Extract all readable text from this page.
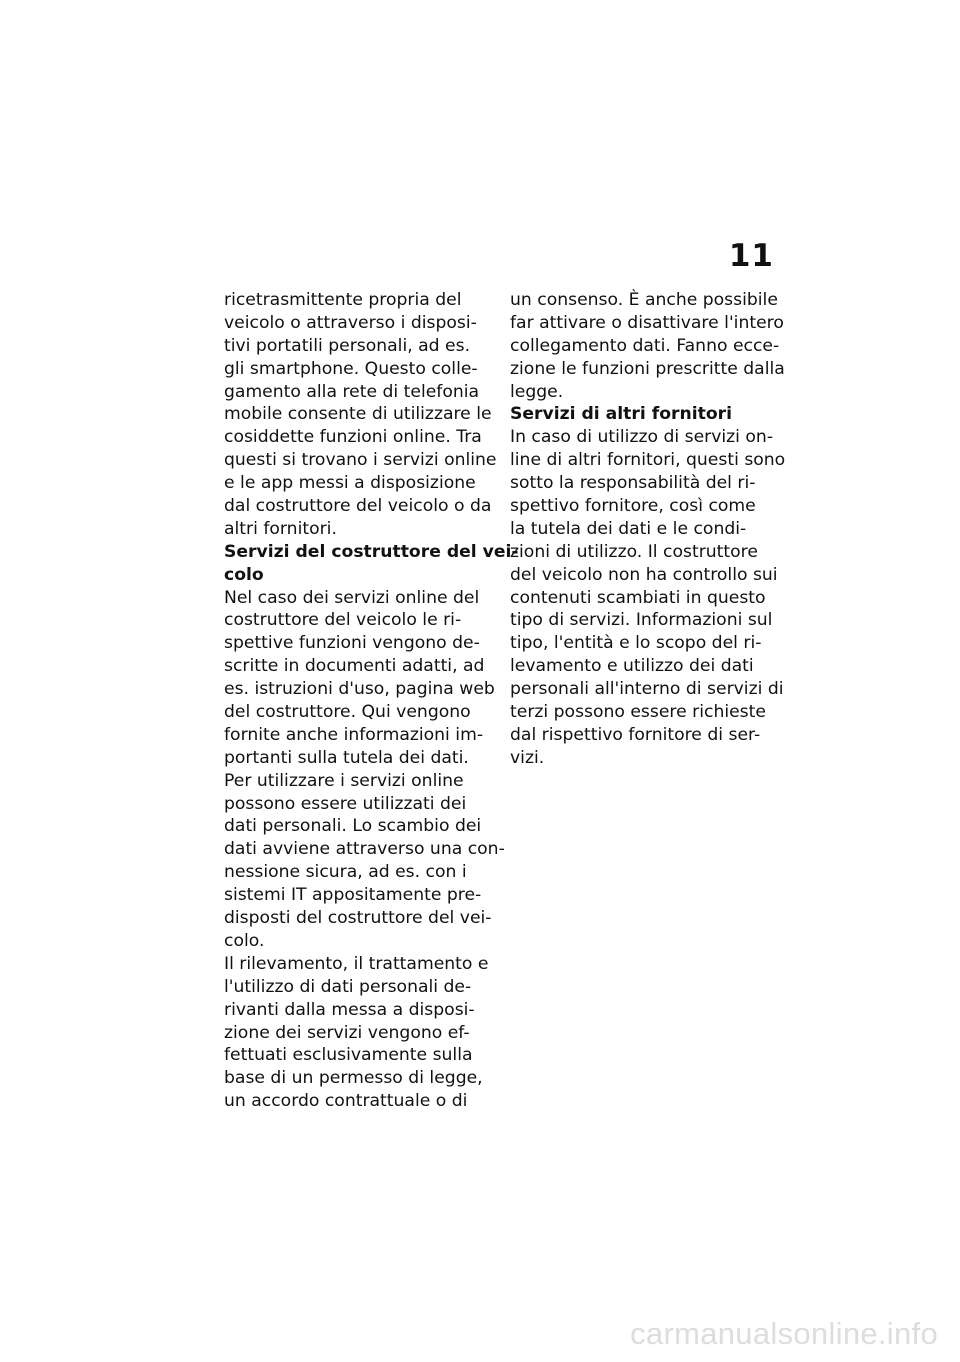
11
ricetrasmittente propria del
veicolo o attraverso i disposi-
tivi portatili personali, ad es.
gli smartphone. Questo colle-
gamento alla rete di telefonia
mobile consente di utilizzare le
cosiddette funzioni online. Tra
questi si trovano i servizi online
e le app messi a disposizione
dal costruttore del veicolo o da
altri fornitori.
Servizi del costruttore del vei-
colo
Nel caso dei servizi online del
costruttore del veicolo le ri-
spettive funzioni vengono de-
scritte in documenti adatti, ad
es. istruzioni d'uso, pagina web
del costruttore. Qui vengono
fornite anche informazioni im-
portanti sulla tutela dei dati.
Per utilizzare i servizi online
possono essere utilizzati dei
dati personali. Lo scambio dei
dati avviene attraverso una con-
nessione sicura, ad es. con i
sistemi IT appositamente pre-
disposti del costruttore del vei-
colo.
Il rilevamento, il trattamento e
l'utilizzo di dati personali de-
rivanti dalla messa a disposi-
zione dei servizi vengono ef-
fettuati esclusivamente sulla
base di un permesso di legge,
un accordo contrattuale o di
un consenso. È anche possibile
far attivare o disattivare l'intero
collegamento dati. Fanno ecce-
zione le funzioni prescritte dalla
legge.
Servizi di altri fornitori
In caso di utilizzo di servizi on-
line di altri fornitori, questi sono
sotto la responsabilità del ri-
spettivo fornitore, così come
la tutela dei dati e le condi-
zioni di utilizzo. Il costruttore
del veicolo non ha controllo sui
contenuti scambiati in questo
tipo di servizi. Informazioni sul
tipo, l'entità e lo scopo del ri-
levamento e utilizzo dei dati
personali all'interno di servizi di
terzi possono essere richieste
dal rispettivo fornitore di ser-
vizi.
carmanualsonline.info
